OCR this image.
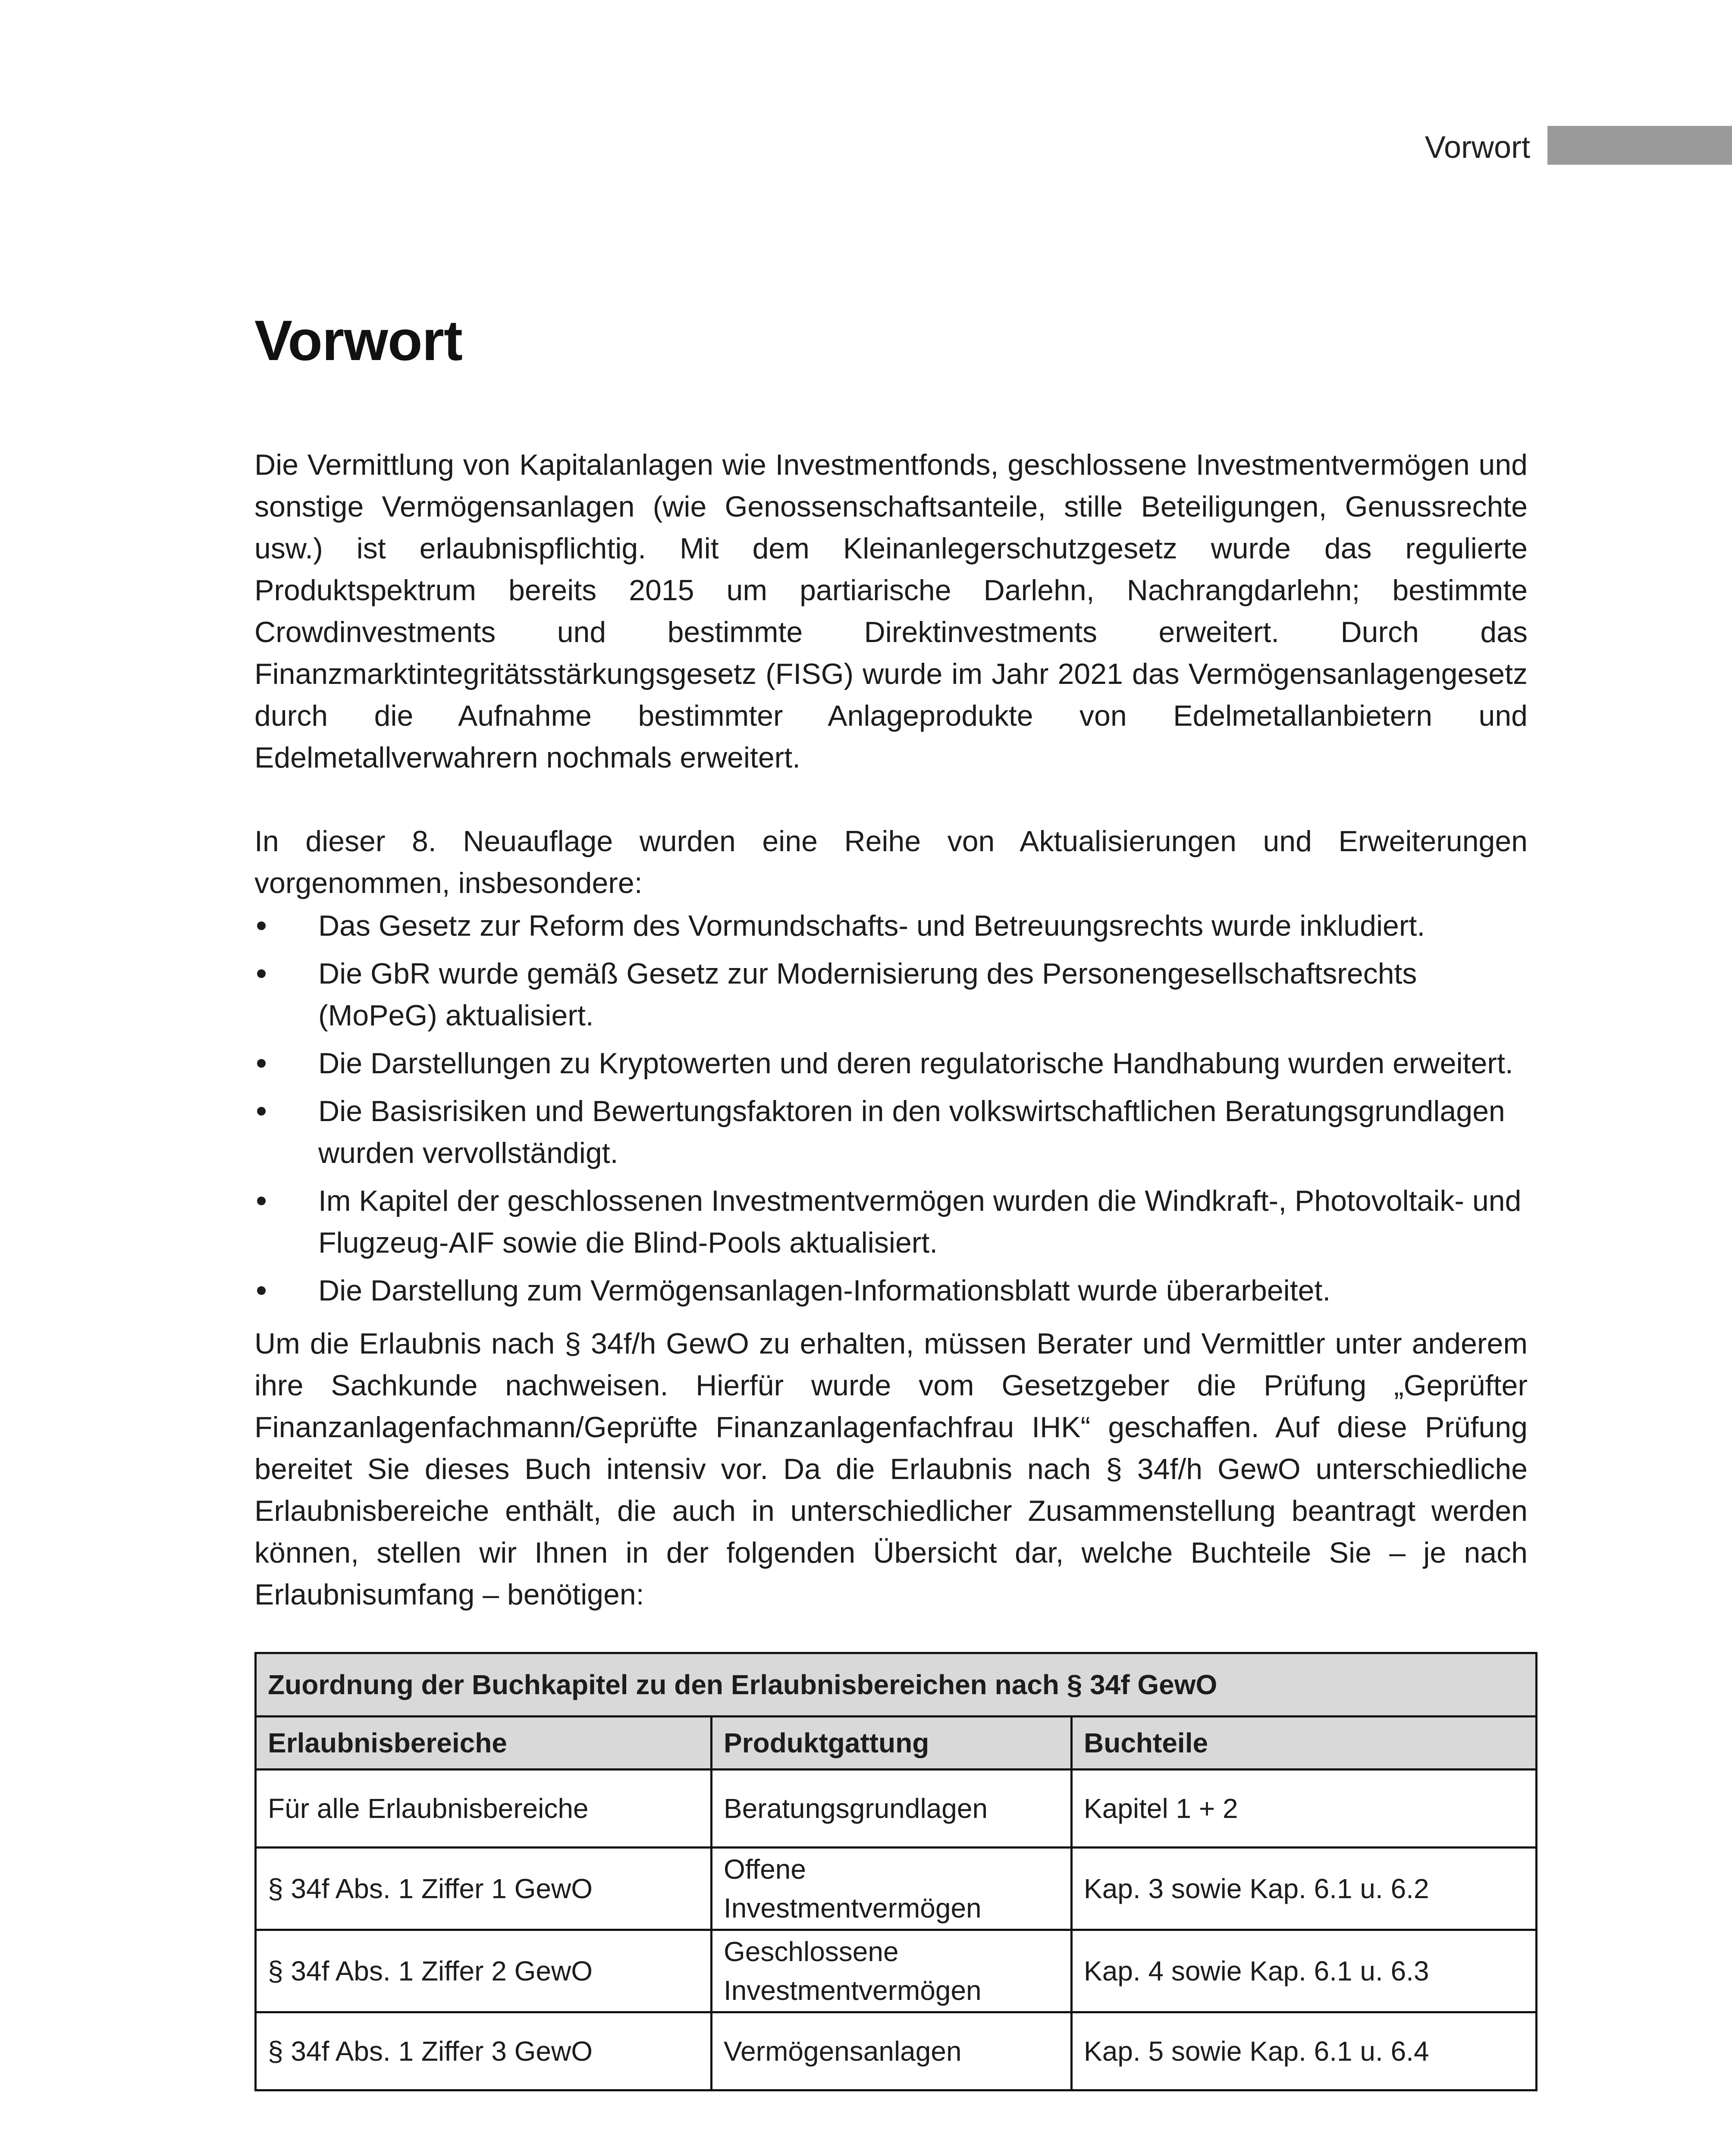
Vorwort
Vorwort

Die Vermittlung von Kapitalanlagen wie Investmentfonds, geschlossene Investmentvermögen und sonstige Vermögensanlagen (wie Genossenschaftsanteile, stille Beteiligungen, Genussrechte usw.) ist erlaubnispflichtig. Mit dem Kleinanlegerschutzgesetz wurde das regulierte Produktspektrum bereits 2015 um partiarische Darlehn, Nachrangdarlehn; bestimmte Crowdinvestments und bestimmte Direktinvestments erweitert. Durch das Finanzmarktintegritätsstärkungsgesetz (FISG) wurde im Jahr 2021 das Vermögensanlagengesetz durch die Aufnahme bestimmter Anlageprodukte von Edelmetallanbietern und Edelmetallverwahrern nochmals erweitert.

In dieser 8. Neuauflage wurden eine Reihe von Aktualisierungen und Erweiterungen vorgenommen, insbesondere:

Das Gesetz zur Reform des Vormundschafts- und Betreuungsrechts wurde inkludiert.
Die GbR wurde gemäß Gesetz zur Modernisierung des Personengesellschaftsrechts (MoPeG) aktualisiert.
Die Darstellungen zu Kryptowerten und deren regulatorische Handhabung wurden erweitert.
Die Basisrisiken und Bewertungsfaktoren in den volkswirtschaftlichen Beratungsgrundlagen wurden vervollständigt.
Im Kapitel der geschlossenen Investmentvermögen wurden die Windkraft-, Photovoltaik- und Flugzeug-AIF sowie die Blind-Pools aktualisiert.
Die Darstellung zum Vermögensanlagen-Informationsblatt wurde überarbeitet.

Um die Erlaubnis nach § 34f/h GewO zu erhalten, müssen Berater und Vermittler unter anderem ihre Sachkunde nachweisen. Hierfür wurde vom Gesetzgeber die Prüfung „Geprüfter Finanzanlagenfachmann/Geprüfte Finanzanlagenfachfrau IHK“ geschaffen. Auf diese Prüfung bereitet Sie dieses Buch intensiv vor. Da die Erlaubnis nach § 34f/h GewO unterschiedliche Erlaubnisbereiche enthält, die auch in unterschiedlicher Zusammenstellung beantragt werden können, stellen wir Ihnen in der folgenden Übersicht dar, welche Buchteile Sie – je nach Erlaubnisumfang – benötigen:

Zuordnung der Buchkapitel zu den Erlaubnisbereichen nach § 34f GewO		
Erlaubnisbereiche	Produktgattung	Buchteile
Für alle Erlaubnisbereiche	Beratungsgrundlagen	Kapitel 1 + 2
§ 34f Abs. 1 Ziffer 1 GewO	Offene Investmentvermögen	Kap. 3 sowie Kap. 6.1 u. 6.2
§ 34f Abs. 1 Ziffer 2 GewO	Geschlossene Investmentvermögen	Kap. 4 sowie Kap. 6.1 u. 6.3
§ 34f Abs. 1 Ziffer 3 GewO	Vermögensanlagen	Kap. 5 sowie Kap. 6.1 u. 6.4
